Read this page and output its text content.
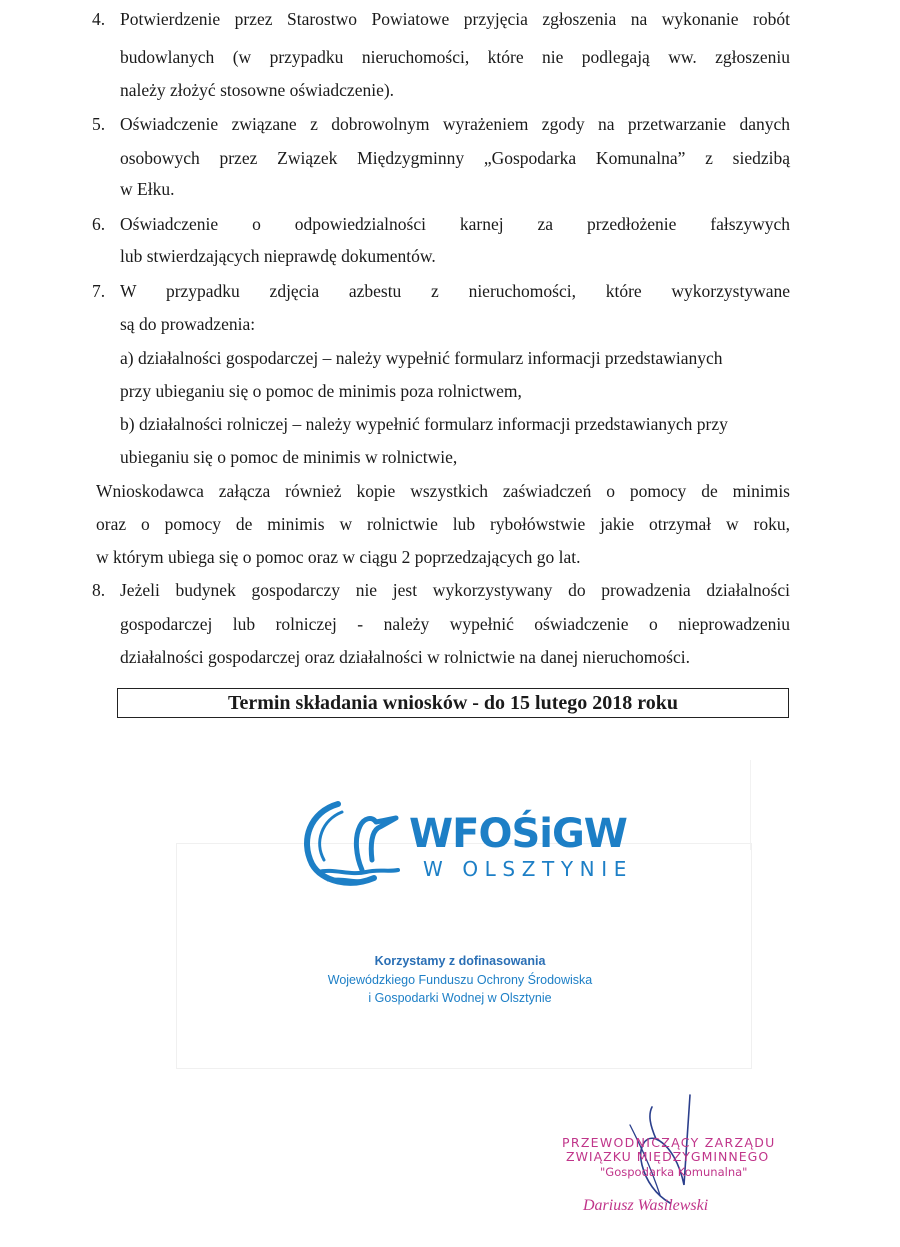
4. Potwierdzenie przez Starostwo Powiatowe przyjęcia zgłoszenia na wykonanie robót
budowlanych (w przypadku nieruchomości, które nie podlegają ww. zgłoszeniu
należy złożyć stosowne oświadczenie).
5. Oświadczenie związane z dobrowolnym wyrażeniem zgody na przetwarzanie danych
osobowych przez Związek Międzygminny „Gospodarka Komunalna” z siedzibą
w Ełku.
6. Oświadczenie o odpowiedzialności karnej za przedłożenie fałszywych
lub stwierdzających nieprawdę dokumentów.
7. W przypadku zdjęcia azbestu z nieruchomości, które wykorzystywane
są do prowadzenia:
a) działalności gospodarczej – należy wypełnić formularz informacji przedstawianych
przy ubieganiu się o pomoc de minimis poza rolnictwem,
b) działalności rolniczej – należy wypełnić formularz informacji przedstawianych przy
ubieganiu się o pomoc de minimis w rolnictwie,
Wnioskodawca załącza również kopie wszystkich zaświadczeń o pomocy de minimis
oraz o pomocy de minimis w rolnictwie lub rybołówstwie jakie otrzymał w roku,
w którym ubiega się o pomoc oraz w ciągu 2 poprzedzających go lat.
8. Jeżeli budynek gospodarczy nie jest wykorzystywany do prowadzenia działalności
gospodarczej lub rolniczej - należy wypełnić oświadczenie o nieprowadzeniu
działalności gospodarczej oraz działalności w rolnictwie na danej nieruchomości.
Termin składania wniosków - do 15 lutego 2018 roku
WFOŚiGW
W OLSZTYNIE
Korzystamy z dofinasowania
Wojewódzkiego Funduszu Ochrony Środowiska
i Gospodarki Wodnej w Olsztynie
PRZEWODNICZĄCY ZARZĄDU
ZWIĄZKU MIĘDZYGMINNEGO
"Gospodarka Komunalna"
Dariusz Wasilewski
